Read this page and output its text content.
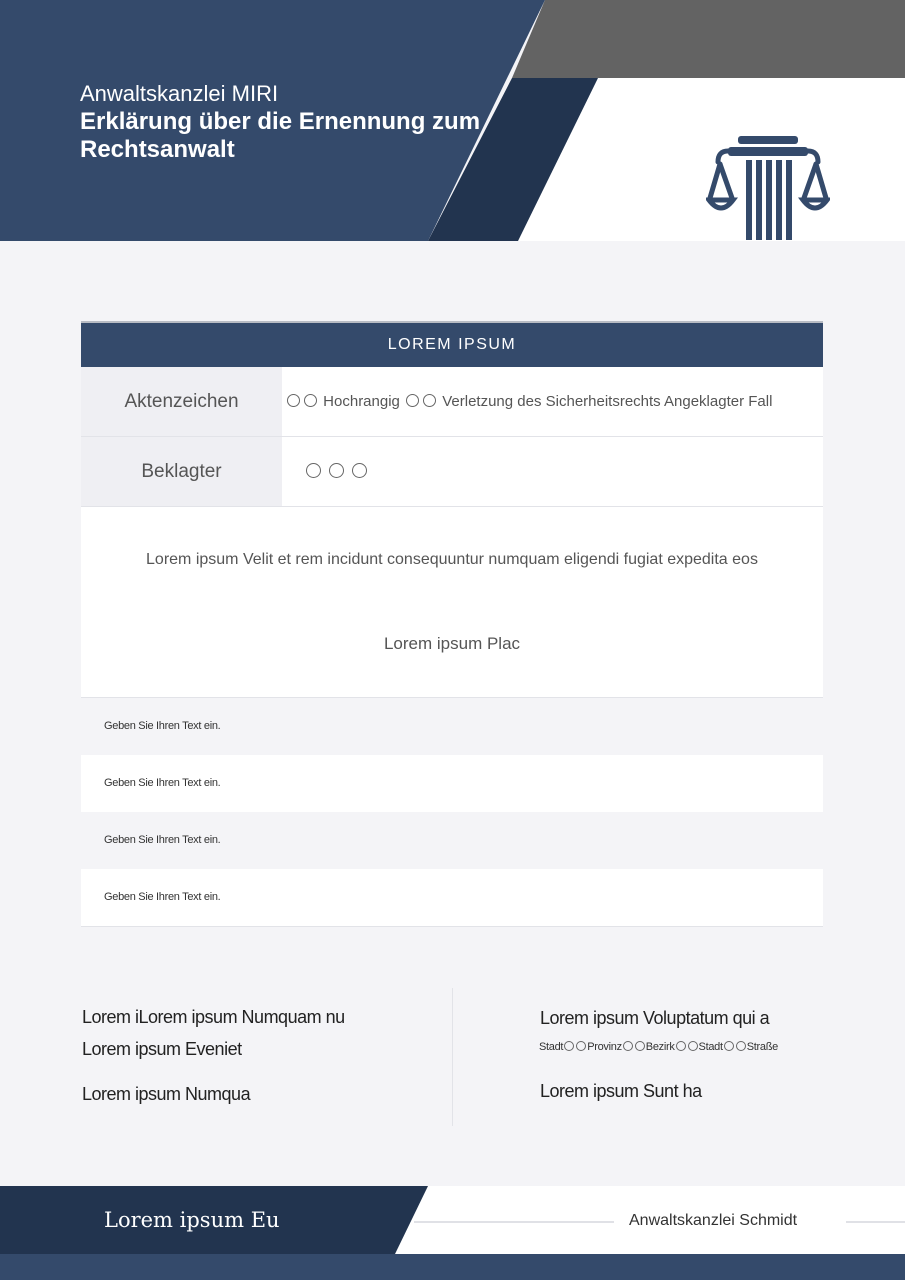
Anwaltskanzlei MIRI
Erklärung über die Ernennung zum Rechtsanwalt
LOREM IPSUM
Aktenzeichen	Hochrangig	Verletzung des Sicherheitsrechts Angeklagter Fall
Beklagter

Lorem ipsum Velit et rem incidunt consequuntur numquam eligendi fugiat expedita eos
Lorem ipsum Plac
Geben Sie Ihren Text ein.
Geben Sie Ihren Text ein.
Geben Sie Ihren Text ein.
Geben Sie Ihren Text ein.
Lorem iLorem ipsum Numquam nu
Lorem ipsum Eveniet
Lorem ipsum Numqua
Lorem ipsum Voluptatum qui a
Stadt Provinz Bezirk Stadt Straße
Lorem ipsum Sunt ha
Lorem ipsum Eu	Anwaltskanzlei Schmidt
